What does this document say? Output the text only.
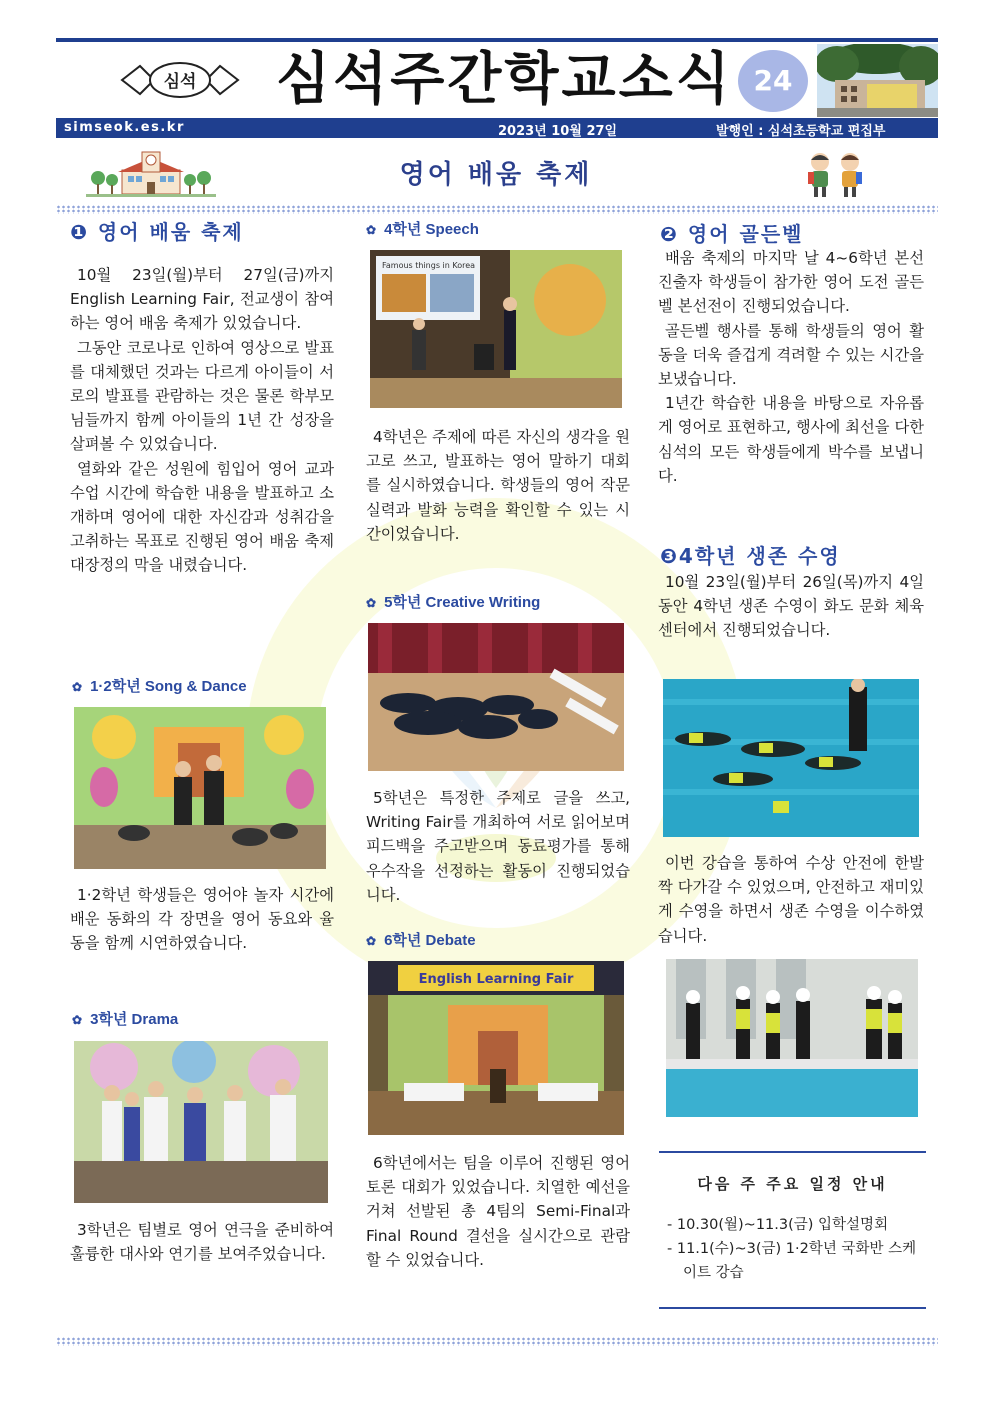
심석 심석주간학교소식 24
simseok.es.kr	2023년 10월 27일	발행인 : 심석초등학교 편집부
영어 배움 축제
❶ 영어 배움 축제

10월 23일(월)부터 27일(금)까지 English Learning Fair, 전교생이 참여하는 영어 배움 축제가 있었습니다.

그동안 코로나로 인하여 영상으로 발표를 대체했던 것과는 다르게 아이들이 서로의 발표를 관람하는 것은 물론 학부모님들까지 함께 아이들의 1년 간 성장을 살펴볼 수 있었습니다.

열화와 같은 성원에 힘입어 영어 교과 수업 시간에 학습한 내용을 발표하고 소개하며 영어에 대한 자신감과 성취감을 고취하는 목표로 진행된 영어 배움 축제 대장정의 막을 내렸습니다.

✿ 1·2학년 Song & Dance

1·2학년 학생들은 영어야 놀자 시간에 배운 동화의 각 장면을 영어 동요와 율동을 함께 시연하였습니다.

✿ 3학년 Drama

3학년은 팀별로 영어 연극을 준비하여 훌륭한 대사와 연기를 보여주었습니다.

✿ 4학년 Speech
Famous things in Korea

4학년은 주제에 따른 자신의 생각을 원고로 쓰고, 발표하는 영어 말하기 대회를 실시하였습니다. 학생들의 영어 작문 실력과 발화 능력을 확인할 수 있는 시간이었습니다.

✿ 5학년 Creative Writing

5학년은 특정한 주제로 글을 쓰고, Writing Fair를 개최하여 서로 읽어보며 피드백을 주고받으며 동료평가를 통해 우수작을 선정하는 활동이 진행되었습니다.

✿ 6학년 Debate
English Learning Fair

6학년에서는 팀을 이루어 진행된 영어 토론 대회가 있었습니다. 치열한 예선을 거쳐 선발된 총 4팀의 Semi-Final과 Final Round 결선을 실시간으로 관람할 수 있었습니다.

❷ 영어 골든벨

배움 축제의 마지막 날 4~6학년 본선 진출자 학생들이 참가한 영어 도전 골든벨 본선전이 진행되었습니다.

골든벨 행사를 통해 학생들의 영어 활동을 더욱 즐겁게 격려할 수 있는 시간을 보냈습니다.

1년간 학습한 내용을 바탕으로 자유롭게 영어로 표현하고, 행사에 최선을 다한 심석의 모든 학생들에게 박수를 보냅니다.

❸4학년 생존 수영

10월 23일(월)부터 26일(목)까지 4일동안 4학년 생존 수영이 화도 문화 체육 센터에서 진행되었습니다.

이번 강습을 통하여 수상 안전에 한발짝 다가갈 수 있었으며, 안전하고 재미있게 수영을 하면서 생존 수영을 이수하였습니다.

다음 주 주요 일정 안내
- 10.30(월)~11.3(금) 입학설명회
- 11.1(수)~3(금) 1·2학년 국화반 스케이트 강습
